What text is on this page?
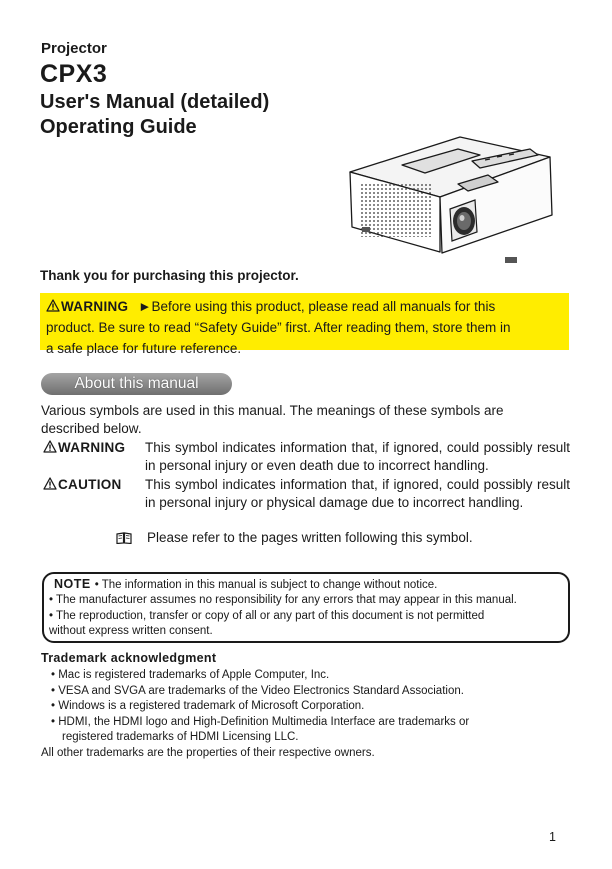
Projector
CPX3
User's Manual (detailed)
Operating Guide
Thank you for purchasing this projector.
WARNING ►Before using this product, please read all manuals for this
product. Be sure to read “Safety Guide” first. After reading them, store them in
a safe place for future reference.
About this manual
Various symbols are used in this manual. The meanings of these symbols are described below.
WARNING This symbol indicates information that, if ignored, could possibly result in personal injury or even death due to incorrect handling.
CAUTION This symbol indicates information that, if ignored, could possibly result in personal injury or physical damage due to incorrect handling.
Please refer to the pages written following this symbol.
NOTE • The information in this manual is subject to change without notice.
• The manufacturer assumes no responsibility for any errors that may appear in this manual.
• The reproduction, transfer or copy of all or any part of this document is not permitted
without express written consent.
Trademark acknowledgment
• Mac is registered trademarks of Apple Computer, Inc.
• VESA and SVGA are trademarks of the Video Electronics Standard Association.
• Windows is a registered trademark of Microsoft Corporation.
• HDMI, the HDMI logo and High-Definition Multimedia Interface are trademarks or
registered trademarks of HDMI Licensing LLC.
All other trademarks are the properties of their respective owners.
1
